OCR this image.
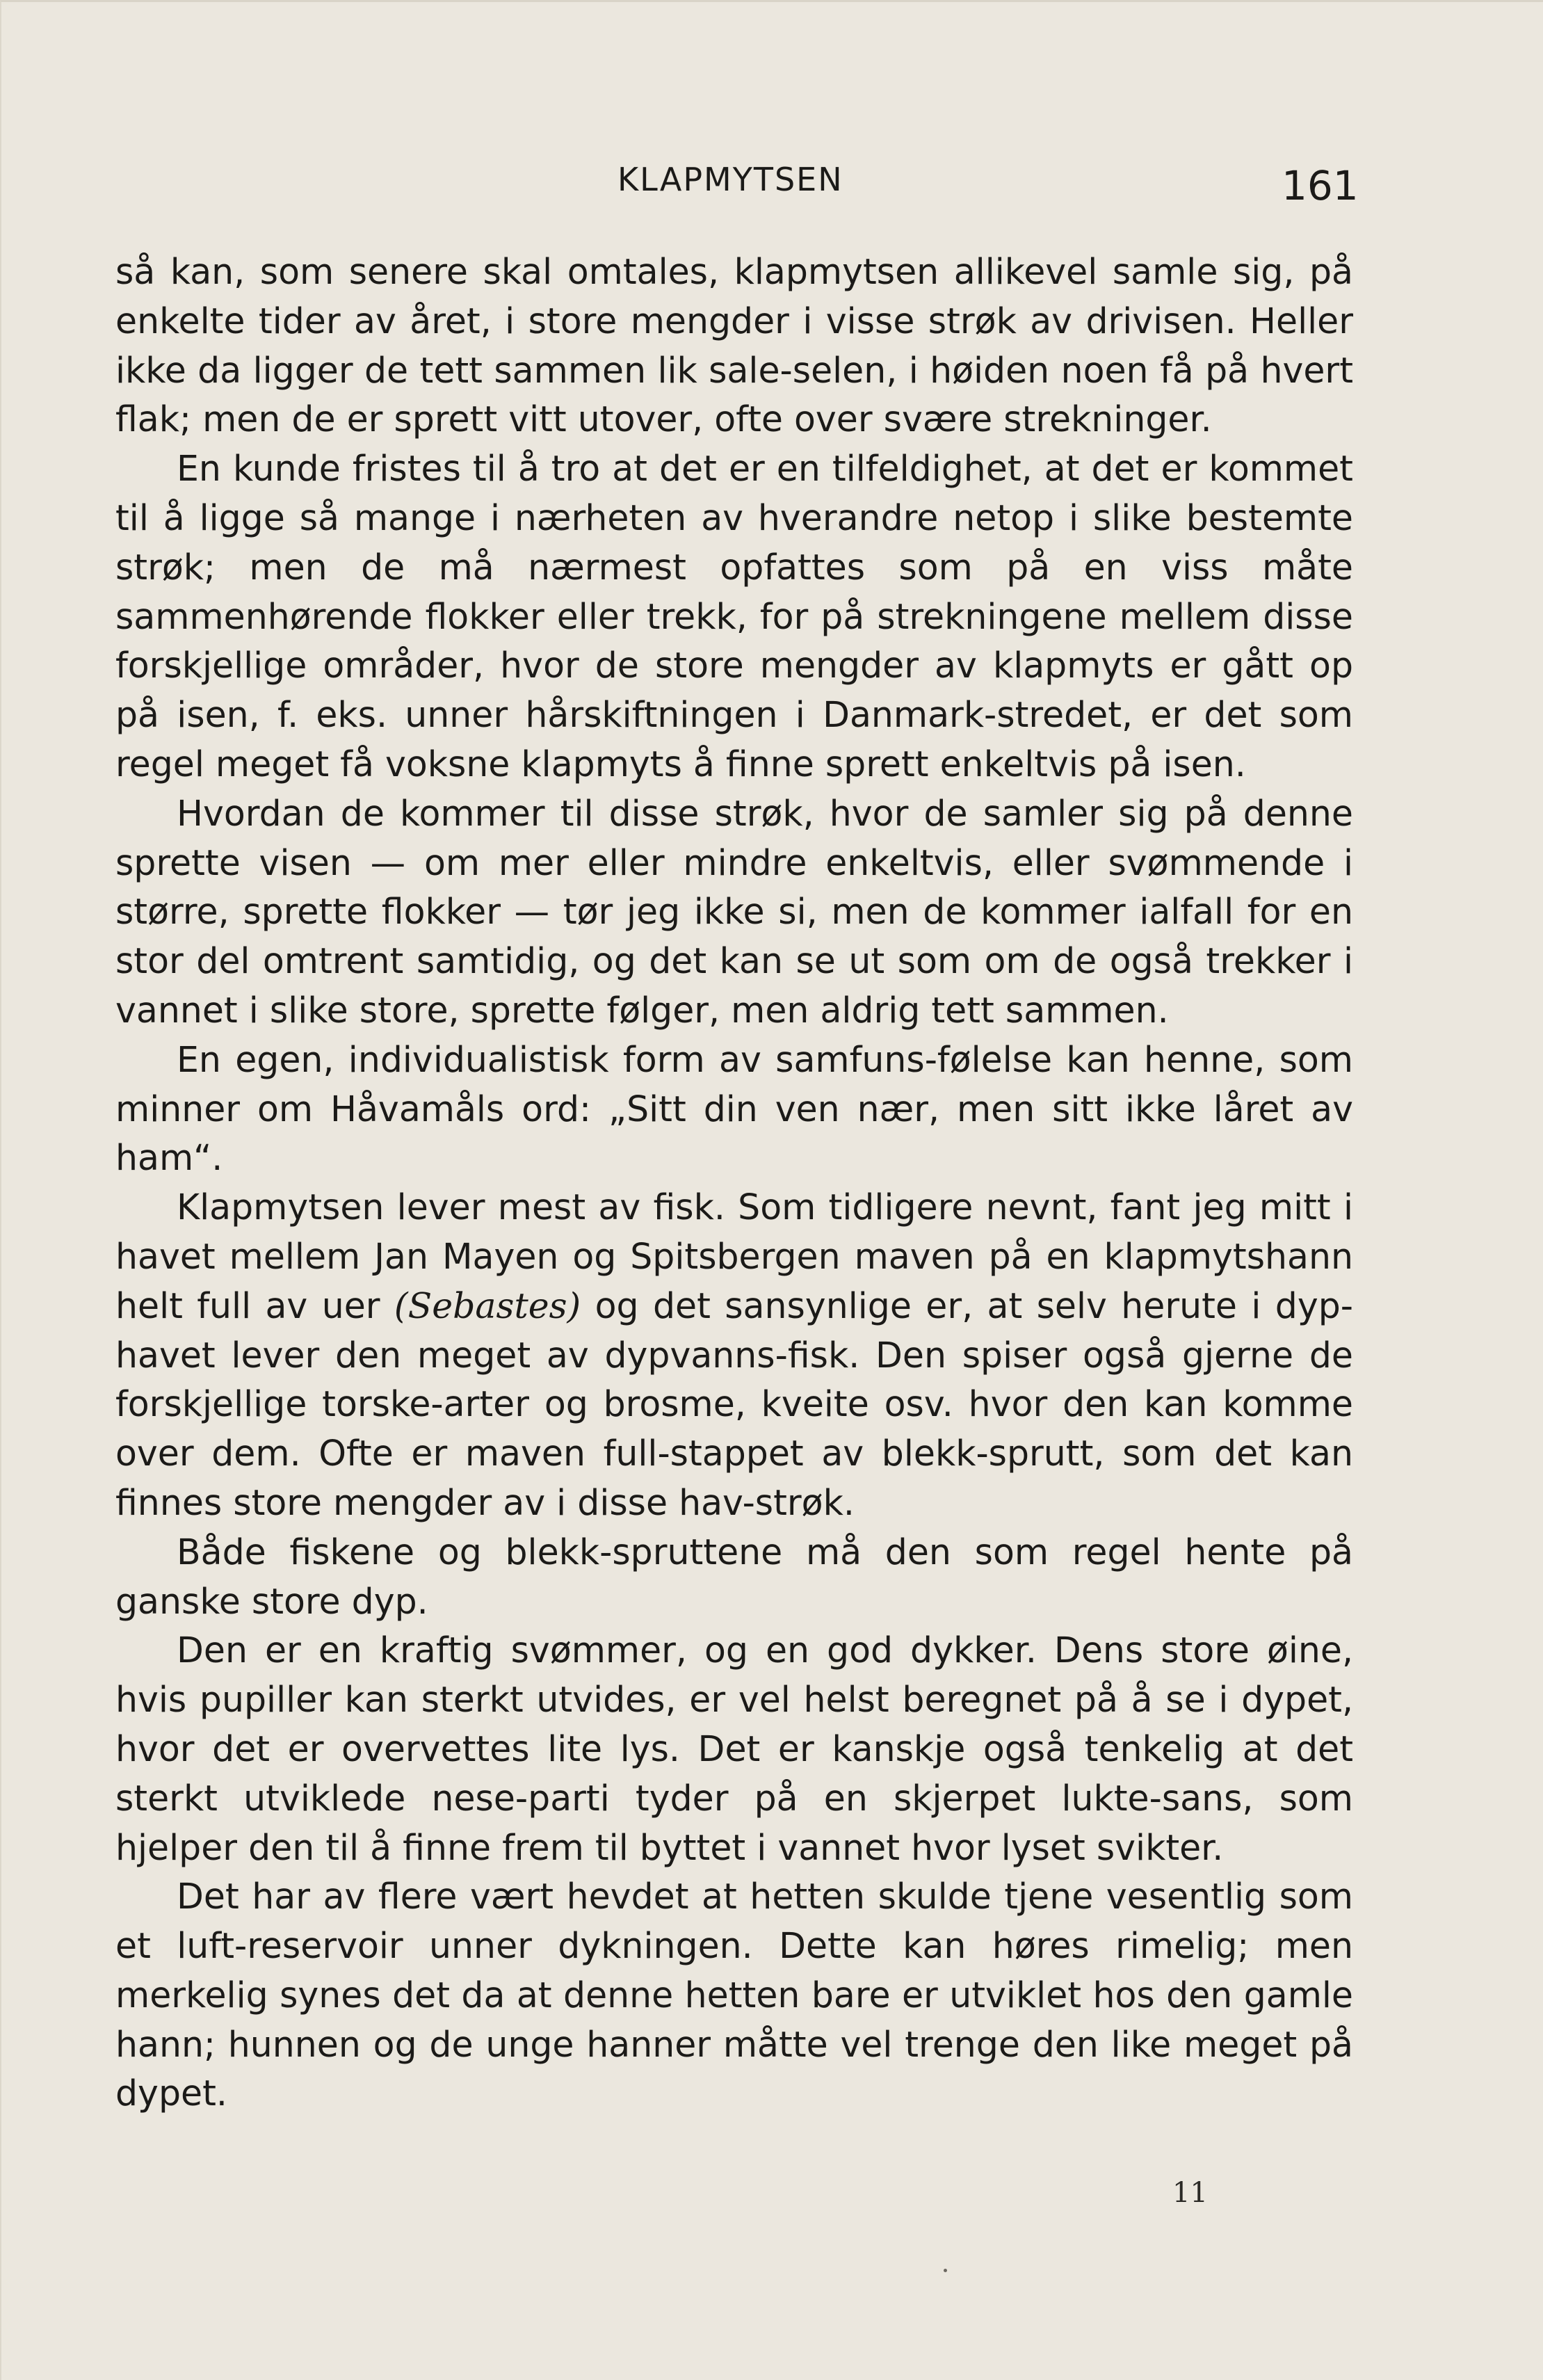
KLAPMYTSEN	161

så kan, som senere skal omtales, klapmytsen allikevel samle sig, på enkelte tider av året, i store mengder i visse strøk av drivisen. Heller ikke da ligger de tett sammen lik sale-selen, i høiden noen få på hvert flak; men de er sprett vitt utover, ofte over svære strekninger.

En kunde fristes til å tro at det er en tilfeldighet, at det er kommet til å ligge så mange i nærheten av hverandre netop i slike bestemte strøk; men de må nærmest opfattes som på en viss måte sammenhørende flokker eller trekk, for på strekningene mellem disse forskjellige områder, hvor de store mengder av klapmyts er gått op på isen, f. eks. unner hårskiftningen i Danmark-stredet, er det som regel meget få voksne klapmyts å finne sprett enkeltvis på isen.

Hvordan de kommer til disse strøk, hvor de samler sig på denne sprette visen — om mer eller mindre enkeltvis, eller svømmende i større, sprette flokker — tør jeg ikke si, men de kommer ialfall for en stor del omtrent samtidig, og det kan se ut som om de også trekker i vannet i slike store, sprette følger, men aldrig tett sammen.

En egen, individualistisk form av samfuns-følelse kan henne, som minner om Håvamåls ord: „Sitt din ven nær, men sitt ikke låret av ham“.

Klapmytsen lever mest av fisk. Som tidligere nevnt, fant jeg mitt i havet mellem Jan Mayen og Spitsbergen maven på en klapmytshann helt full av uer (Sebastes) og det sansynlige er, at selv herute i dyp-havet lever den meget av dypvanns-fisk. Den spiser også gjerne de forskjellige torske-arter og brosme, kveite osv. hvor den kan komme over dem. Ofte er maven full-stappet av blekk-sprutt, som det kan finnes store mengder av i disse hav-strøk.

Både fiskene og blekk-spruttene må den som regel hente på ganske store dyp.

Den er en kraftig svømmer, og en god dykker. Dens store øine, hvis pupiller kan sterkt utvides, er vel helst beregnet på å se i dypet, hvor det er overvettes lite lys. Det er kanskje også tenkelig at det sterkt utviklede nese-parti tyder på en skjerpet lukte-sans, som hjelper den til å finne frem til byttet i vannet hvor lyset svikter.

Det har av flere vært hevdet at hetten skulde tjene vesentlig som et luft-reservoir unner dykningen. Dette kan høres rimelig; men merkelig synes det da at denne hetten bare er utviklet hos den gamle hann; hunnen og de unge hanner måtte vel trenge den like meget på dypet.

11
